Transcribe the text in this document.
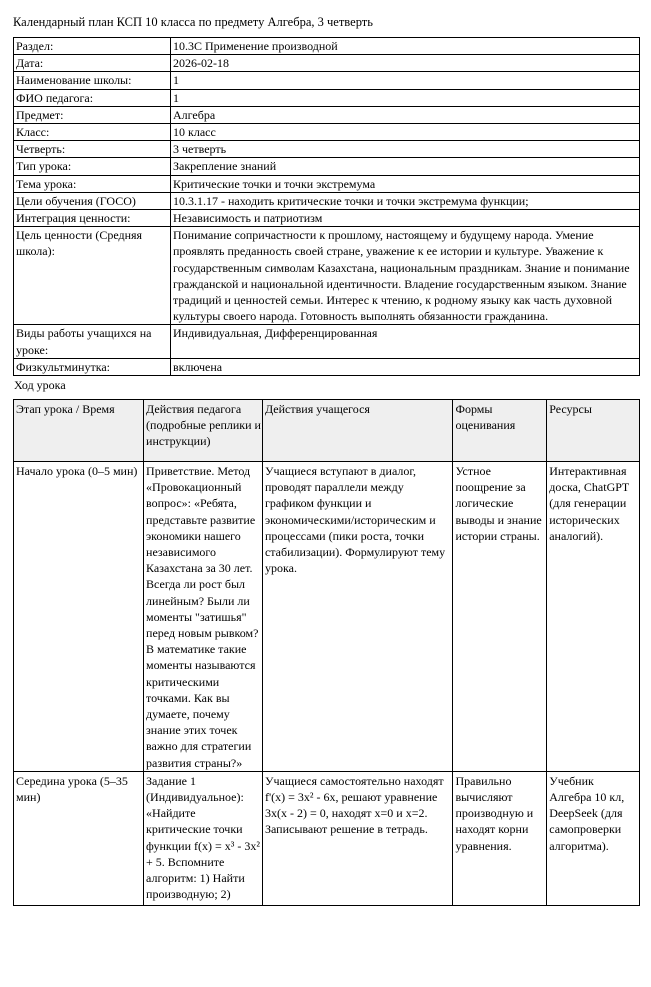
Календарный план КСП 10 класса по предмету Алгебра, 3 четверть
Раздел:	10.3С Применение производной
Дата:	2026-02-18
Наименование школы:	1
ФИО педагога:	1
Предмет:	Алгебра
Класс:	10 класс
Четверть:	3 четверть
Тип урока:	Закрепление знаний
Тема урока:	Критические точки и точки экстремума
Цели обучения (ГОСО)	10.3.1.17 - находить критические точки и точки экстремума функции;
Интеграция ценности:	Независимость и патриотизм
Цель ценности (Средняя школа):	Понимание сопричастности к прошлому, настоящему и будущему народа. Умение проявлять преданность своей стране, уважение к ее истории и культуре. Уважение к государственным символам Казахстана, национальным праздникам. Знание и понимание гражданской и национальной идентичности. Владение государственным языком. Знание традиций и ценностей семьи. Интерес к чтению, к родному языку как часть духовной культуры своего народа. Готовность выполнять обязанности гражданина.
Виды работы учащихся на уроке:	Индивидуальная, Дифференцированная
Физкультминутка:	включена
Ход урока
Этап урока / Время	Действия педагога (подробные реплики и инструкции)	Действия учащегося	Формы оценивания	Ресурсы
Начало урока (0–5 мин)	Приветствие. Метод «Провокационный вопрос»: «Ребята, представьте развитие экономики нашего независимого Казахстана за 30 лет. Всегда ли рост был линейным? Были ли моменты "затишья" перед новым рывком? В математике такие моменты называются критическими точками. Как вы думаете, почему знание этих точек важно для стратегии развития страны?»	Учащиеся вступают в диалог, проводят параллели между графиком функции и экономическими/историческим и процессами (пики роста, точки стабилизации). Формулируют тему урока.	Устное поощрение за логические выводы и знание истории страны.	Интерактивная доска, ChatGPT (для генерации исторических аналогий).

Середина урока (5–35 мин)	Задание 1 (Индивидуальное): «Найдите критические точки функции f(x) = x³ - 3x² + 5. Вспомните алгоритм: 1) Найти производную; 2)	Учащиеся самостоятельно находят f'(x) = 3x² - 6x, решают уравнение 3x(x - 2) = 0, находят x=0 и x=2. Записывают решение в тетрадь.	Правильно вычисляют производную и находят корни уравнения.	Учебник Алгебра 10 кл, DeepSeek (для самопроверки алгоритма).
